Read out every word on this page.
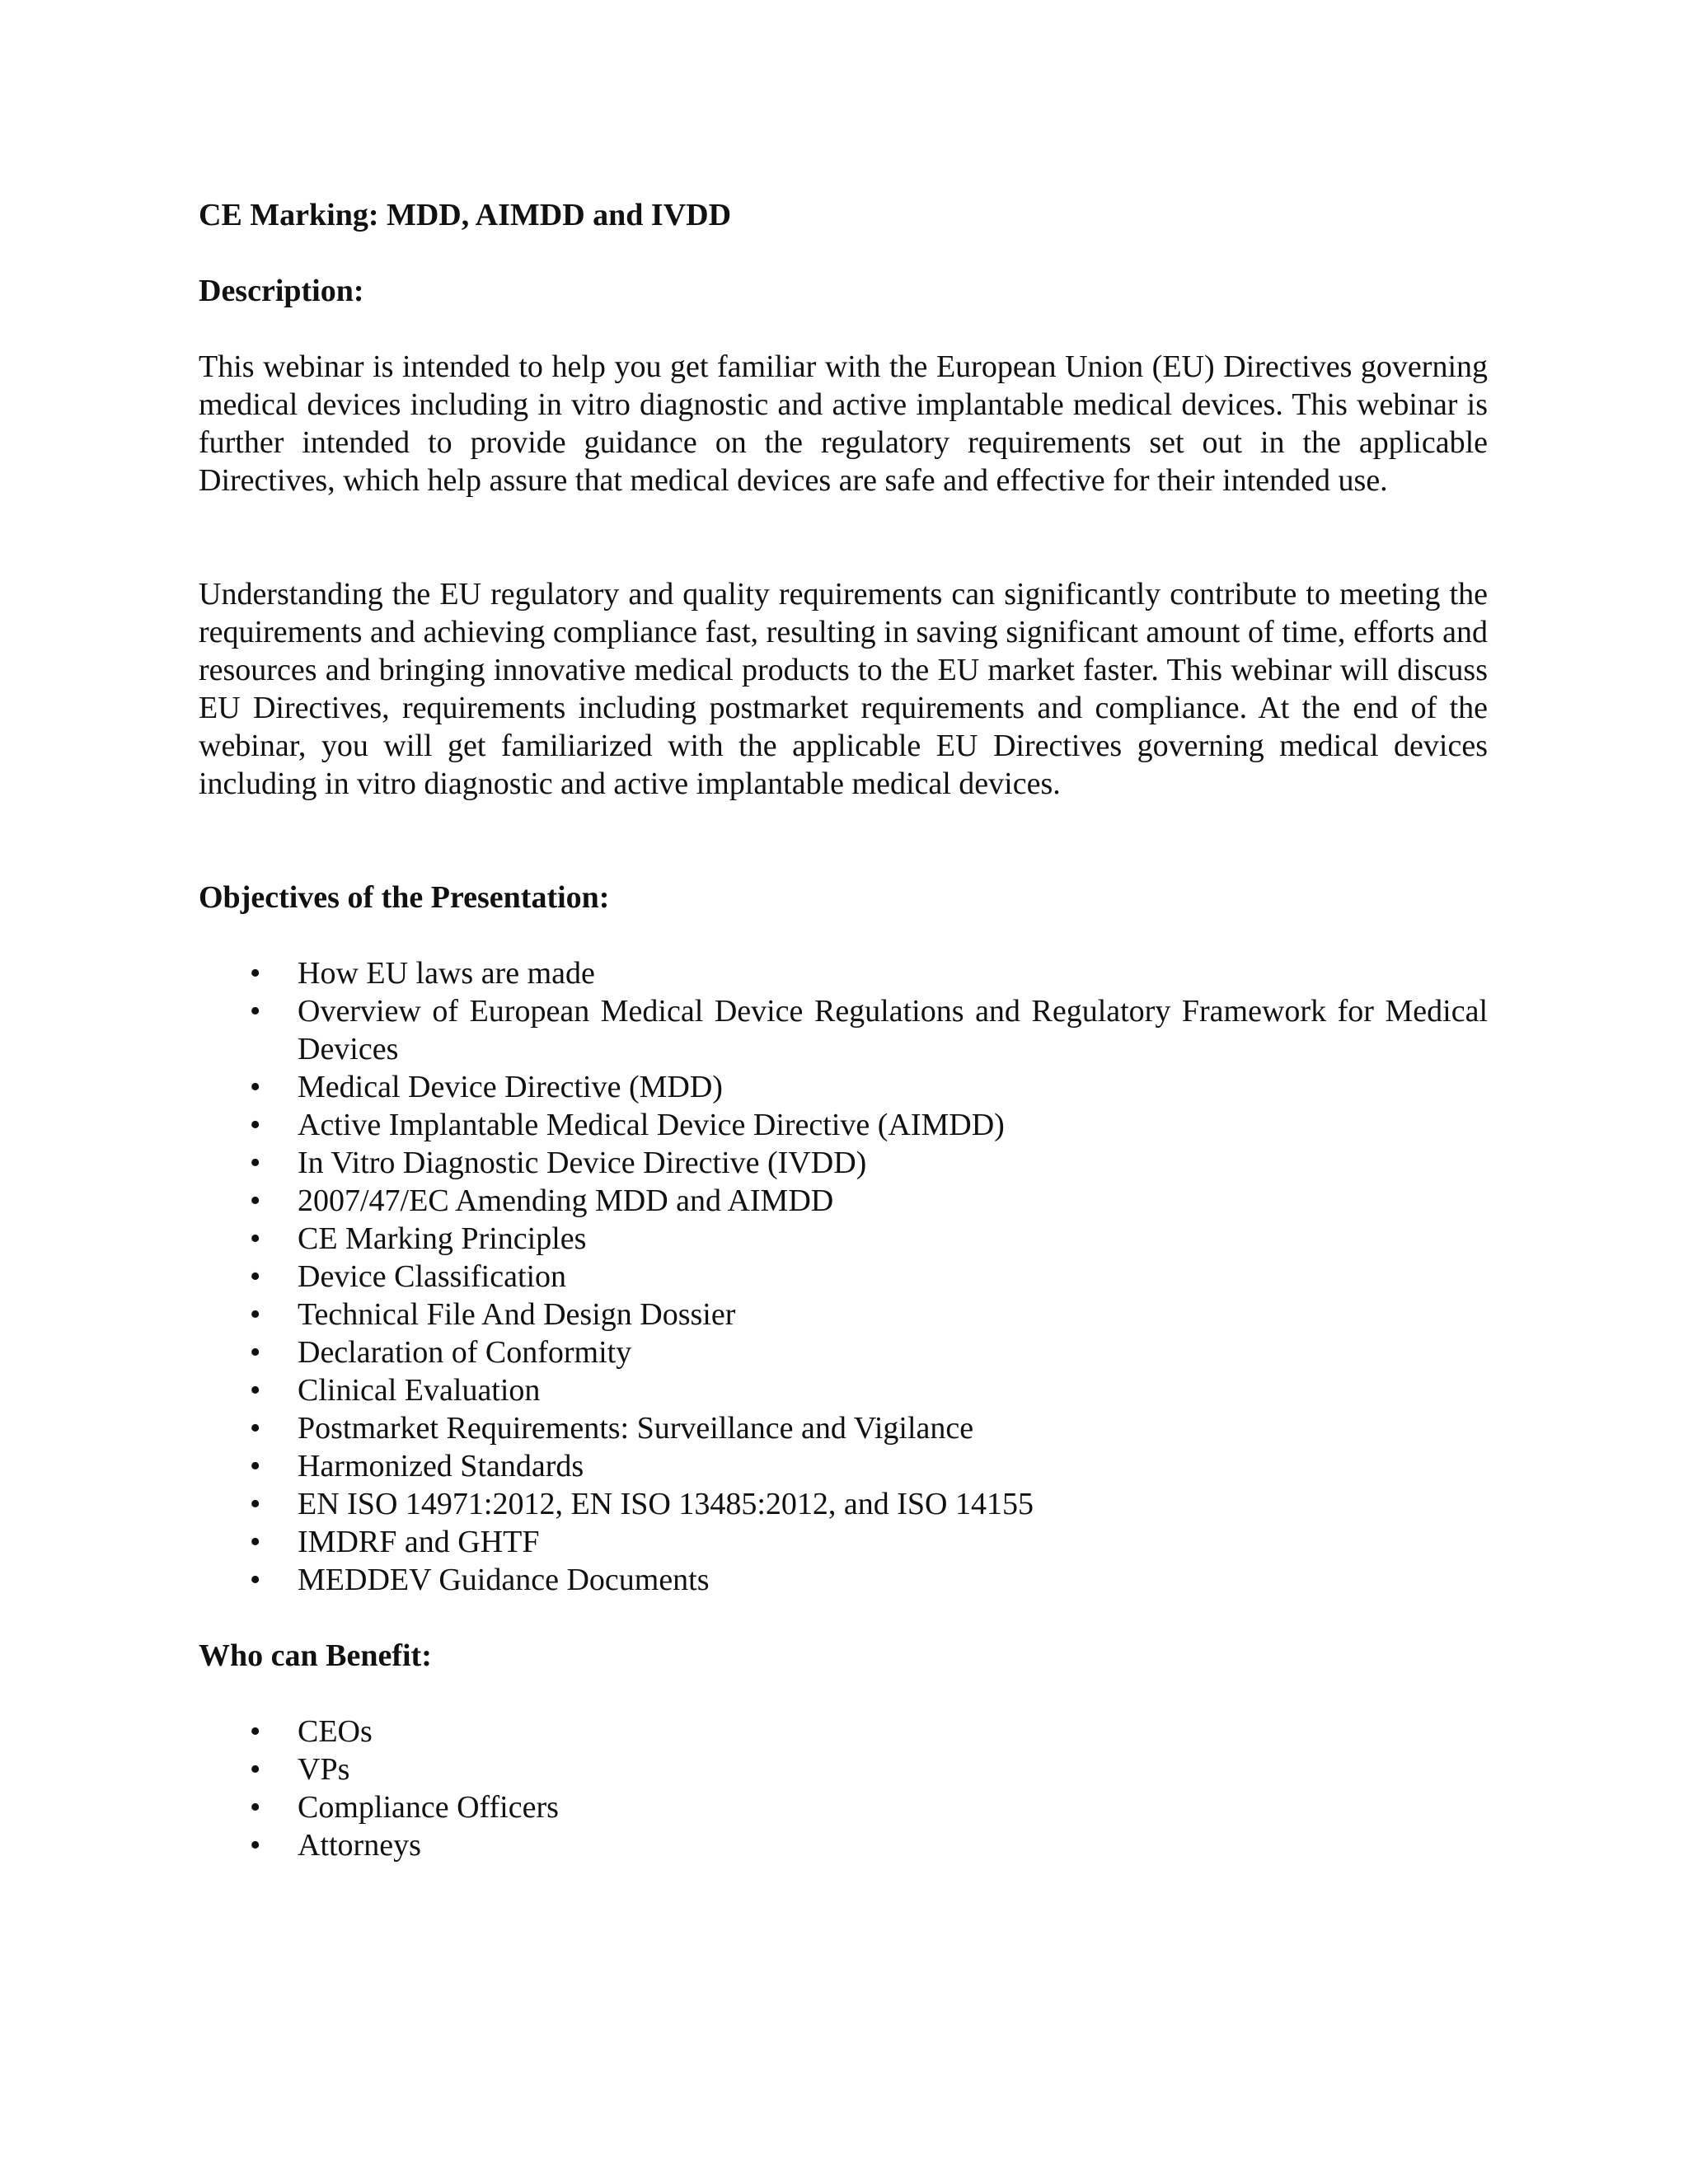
CE Marking: MDD, AIMDD and IVDD

Description:

This webinar is intended to help you get familiar with the European Union (EU) Directives governing medical devices including in vitro diagnostic and active implantable medical devices. This webinar is further intended to provide guidance on the regulatory requirements set out in the applicable Directives, which help assure that medical devices are safe and effective for their intended use.

Understanding the EU regulatory and quality requirements can significantly contribute to meeting the requirements and achieving compliance fast, resulting in saving significant amount of time, efforts and resources and bringing innovative medical products to the EU market faster. This webinar will discuss EU Directives, requirements including postmarket requirements and compliance. At the end of the webinar, you will get familiarized with the applicable EU Directives governing medical devices including in vitro diagnostic and active implantable medical devices.

Objectives of the Presentation:

• How EU laws are made
• Overview of European Medical Device Regulations and Regulatory Framework for Medical Devices
• Medical Device Directive (MDD)
• Active Implantable Medical Device Directive (AIMDD)
• In Vitro Diagnostic Device Directive (IVDD)
• 2007/47/EC Amending MDD and AIMDD
• CE Marking Principles
• Device Classification
• Technical File And Design Dossier
• Declaration of Conformity
• Clinical Evaluation
• Postmarket Requirements: Surveillance and Vigilance
• Harmonized Standards
• EN ISO 14971:2012, EN ISO 13485:2012, and ISO 14155
• IMDRF and GHTF
• MEDDEV Guidance Documents

Who can Benefit:

• CEOs
• VPs
• Compliance Officers
• Attorneys
